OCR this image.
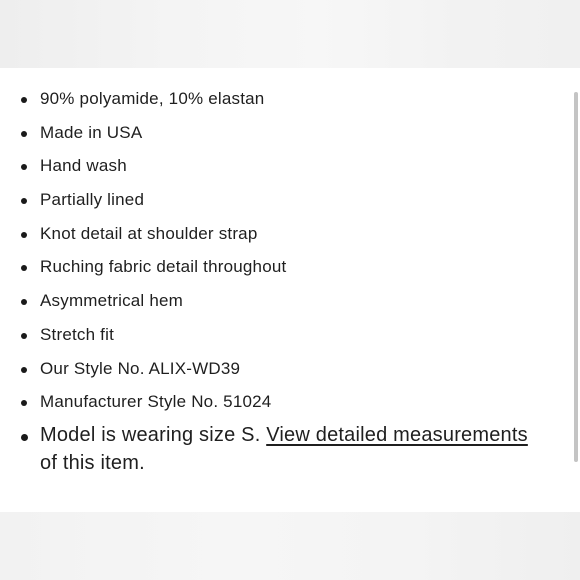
90% polyamide, 10% elastan
Made in USA
Hand wash
Partially lined
Knot detail at shoulder strap
Ruching fabric detail throughout
Asymmetrical hem
Stretch fit
Our Style No. ALIX-WD39
Manufacturer Style No. 51024
Model is wearing size S. View detailed measurements of this item.
